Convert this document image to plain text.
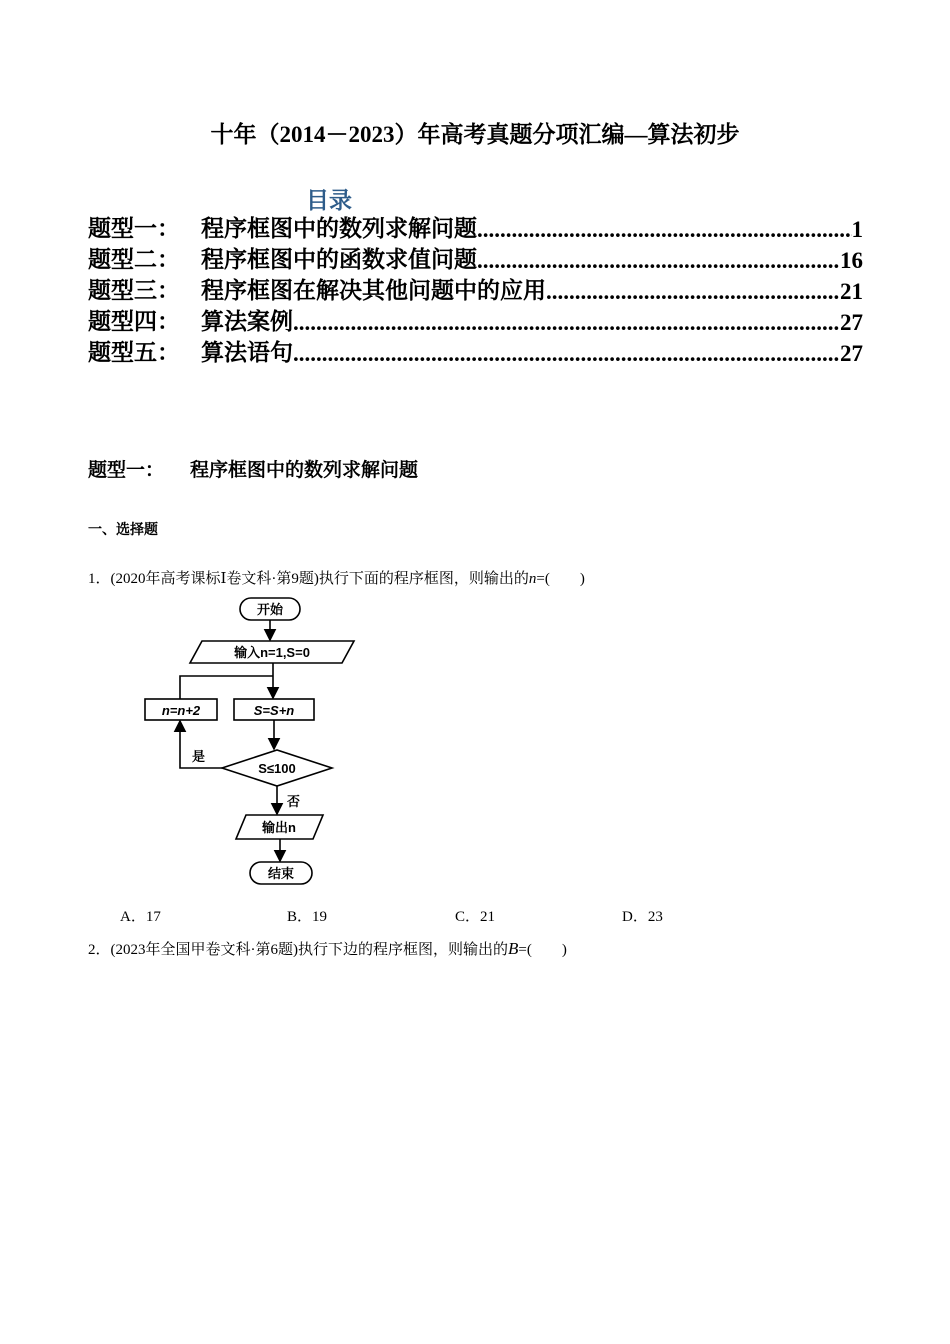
十年（2014－2023）年高考真题分项汇编—算法初步
目录
题型一： 程序框图中的数列求解问题 .....	1
题型二： 程序框图中的函数求值问题 .....	16
题型三： 程序框图在解决其他问题中的应用 .....	21
题型四： 算法案例 .....	27
题型五： 算法语句 .....	27
题型一： 程序框图中的数列求解问题
一、选择题
1．(2020年高考课标Ⅰ卷文科·第9题)执行下面的程序框图，则输出的n=(　　)
开始
输入n=1,S=0
n=n+2	S=S+n
S≤100
是
否
输出n
结束
A．17	B．19	C．21	D．23
2．(2023年全国甲卷文科·第6题)执行下边的程序框图，则输出的B=(　　)
